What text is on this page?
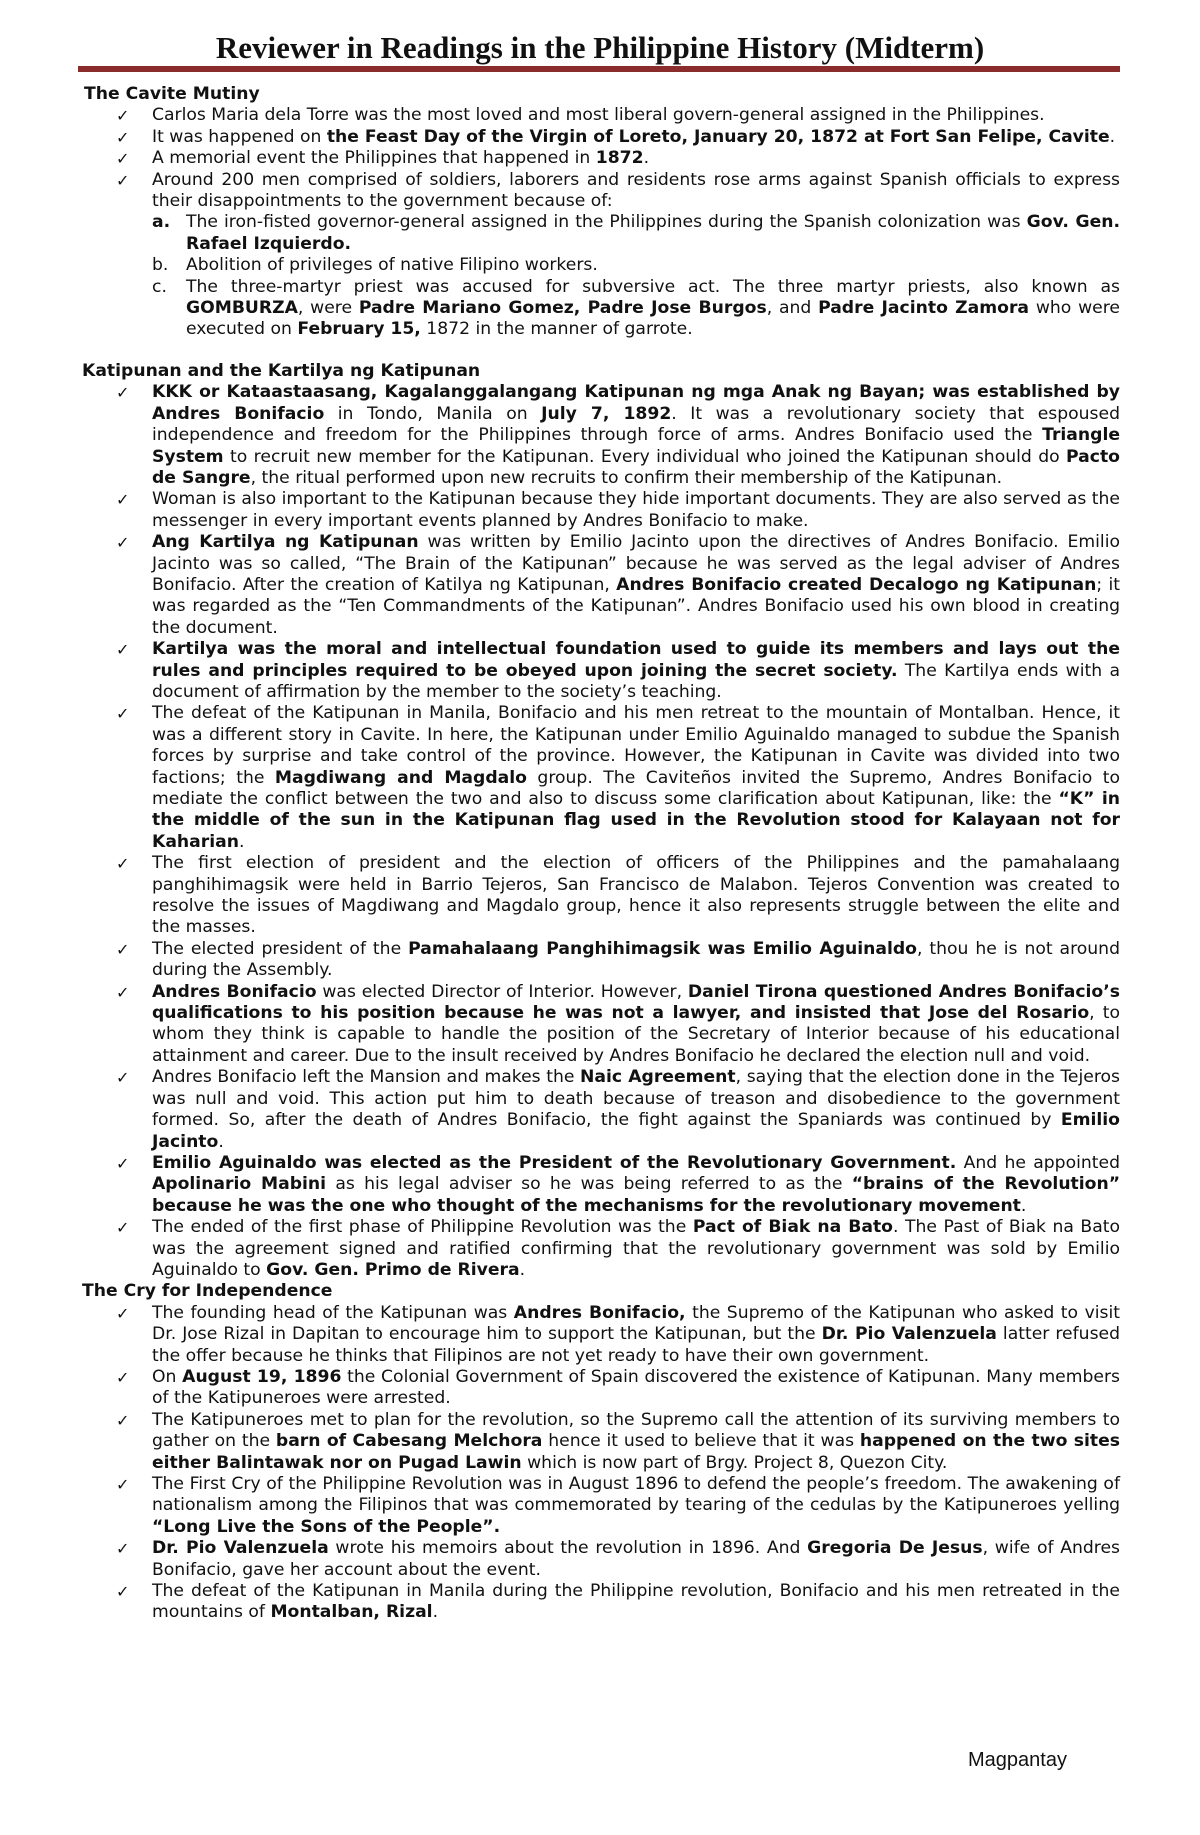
Reviewer in Readings in the Philippine History (Midterm)

The Cavite Mutiny

✓ Carlos Maria dela Torre was the most loved and most liberal govern-general assigned in the Philippines.
✓ It was happened on the Feast Day of the Virgin of Loreto, January 20, 1872 at Fort San Felipe, Cavite.
✓ A memorial event the Philippines that happened in 1872.
✓ Around 200 men comprised of soldiers, laborers and residents rose arms against Spanish officials to express their disappointments to the government because of:
a. The iron-fisted governor-general assigned in the Philippines during the Spanish colonization was Gov. Gen. Rafael Izquierdo.
b. Abolition of privileges of native Filipino workers.
c. The three-martyr priest was accused for subversive act. The three martyr priests, also known as GOMBURZA, were Padre Mariano Gomez, Padre Jose Burgos, and Padre Jacinto Zamora who were executed on February 15, 1872 in the manner of garrote.

Katipunan and the Kartilya ng Katipunan

✓ KKK or Kataastaasang, Kagalanggalangang Katipunan ng mga Anak ng Bayan; was established by Andres Bonifacio in Tondo, Manila on July 7, 1892. It was a revolutionary society that espoused independence and freedom for the Philippines through force of arms. Andres Bonifacio used the Triangle System to recruit new member for the Katipunan. Every individual who joined the Katipunan should do Pacto de Sangre, the ritual performed upon new recruits to confirm their membership of the Katipunan.
✓ Woman is also important to the Katipunan because they hide important documents. They are also served as the messenger in every important events planned by Andres Bonifacio to make.
✓ Ang Kartilya ng Katipunan was written by Emilio Jacinto upon the directives of Andres Bonifacio. Emilio Jacinto was so called, “The Brain of the Katipunan” because he was served as the legal adviser of Andres Bonifacio. After the creation of Katilya ng Katipunan, Andres Bonifacio created Decalogo ng Katipunan; it was regarded as the “Ten Commandments of the Katipunan”. Andres Bonifacio used his own blood in creating the document.
✓ Kartilya was the moral and intellectual foundation used to guide its members and lays out the rules and principles required to be obeyed upon joining the secret society. The Kartilya ends with a document of affirmation by the member to the society’s teaching.
✓ The defeat of the Katipunan in Manila, Bonifacio and his men retreat to the mountain of Montalban. Hence, it was a different story in Cavite. In here, the Katipunan under Emilio Aguinaldo managed to subdue the Spanish forces by surprise and take control of the province. However, the Katipunan in Cavite was divided into two factions; the Magdiwang and Magdalo group. The Caviteños invited the Supremo, Andres Bonifacio to mediate the conflict between the two and also to discuss some clarification about Katipunan, like: the “K” in the middle of the sun in the Katipunan flag used in the Revolution stood for Kalayaan not for Kaharian.
✓ The first election of president and the election of officers of the Philippines and the pamahalaang panghihimagsik were held in Barrio Tejeros, San Francisco de Malabon. Tejeros Convention was created to resolve the issues of Magdiwang and Magdalo group, hence it also represents struggle between the elite and the masses.
✓ The elected president of the Pamahalaang Panghihimagsik was Emilio Aguinaldo, thou he is not around during the Assembly.
✓ Andres Bonifacio was elected Director of Interior. However, Daniel Tirona questioned Andres Bonifacio’s qualifications to his position because he was not a lawyer, and insisted that Jose del Rosario, to whom they think is capable to handle the position of the Secretary of Interior because of his educational attainment and career. Due to the insult received by Andres Bonifacio he declared the election null and void.
✓ Andres Bonifacio left the Mansion and makes the Naic Agreement, saying that the election done in the Tejeros was null and void. This action put him to death because of treason and disobedience to the government formed. So, after the death of Andres Bonifacio, the fight against the Spaniards was continued by Emilio Jacinto.
✓ Emilio Aguinaldo was elected as the President of the Revolutionary Government. And he appointed Apolinario Mabini as his legal adviser so he was being referred to as the “brains of the Revolution” because he was the one who thought of the mechanisms for the revolutionary movement.
✓ The ended of the first phase of Philippine Revolution was the Pact of Biak na Bato. The Past of Biak na Bato was the agreement signed and ratified confirming that the revolutionary government was sold by Emilio Aguinaldo to Gov. Gen. Primo de Rivera.

The Cry for Independence

✓ The founding head of the Katipunan was Andres Bonifacio, the Supremo of the Katipunan who asked to visit Dr. Jose Rizal in Dapitan to encourage him to support the Katipunan, but the Dr. Pio Valenzuela latter refused the offer because he thinks that Filipinos are not yet ready to have their own government.
✓ On August 19, 1896 the Colonial Government of Spain discovered the existence of Katipunan. Many members of the Katipuneroes were arrested.
✓ The Katipuneroes met to plan for the revolution, so the Supremo call the attention of its surviving members to gather on the barn of Cabesang Melchora hence it used to believe that it was happened on the two sites either Balintawak nor on Pugad Lawin which is now part of Brgy. Project 8, Quezon City.
✓ The First Cry of the Philippine Revolution was in August 1896 to defend the people’s freedom. The awakening of nationalism among the Filipinos that was commemorated by tearing of the cedulas by the Katipuneroes yelling “Long Live the Sons of the People”.
✓ Dr. Pio Valenzuela wrote his memoirs about the revolution in 1896. And Gregoria De Jesus, wife of Andres Bonifacio, gave her account about the event.
✓ The defeat of the Katipunan in Manila during the Philippine revolution, Bonifacio and his men retreated in the mountains of Montalban, Rizal.
Magpantay
